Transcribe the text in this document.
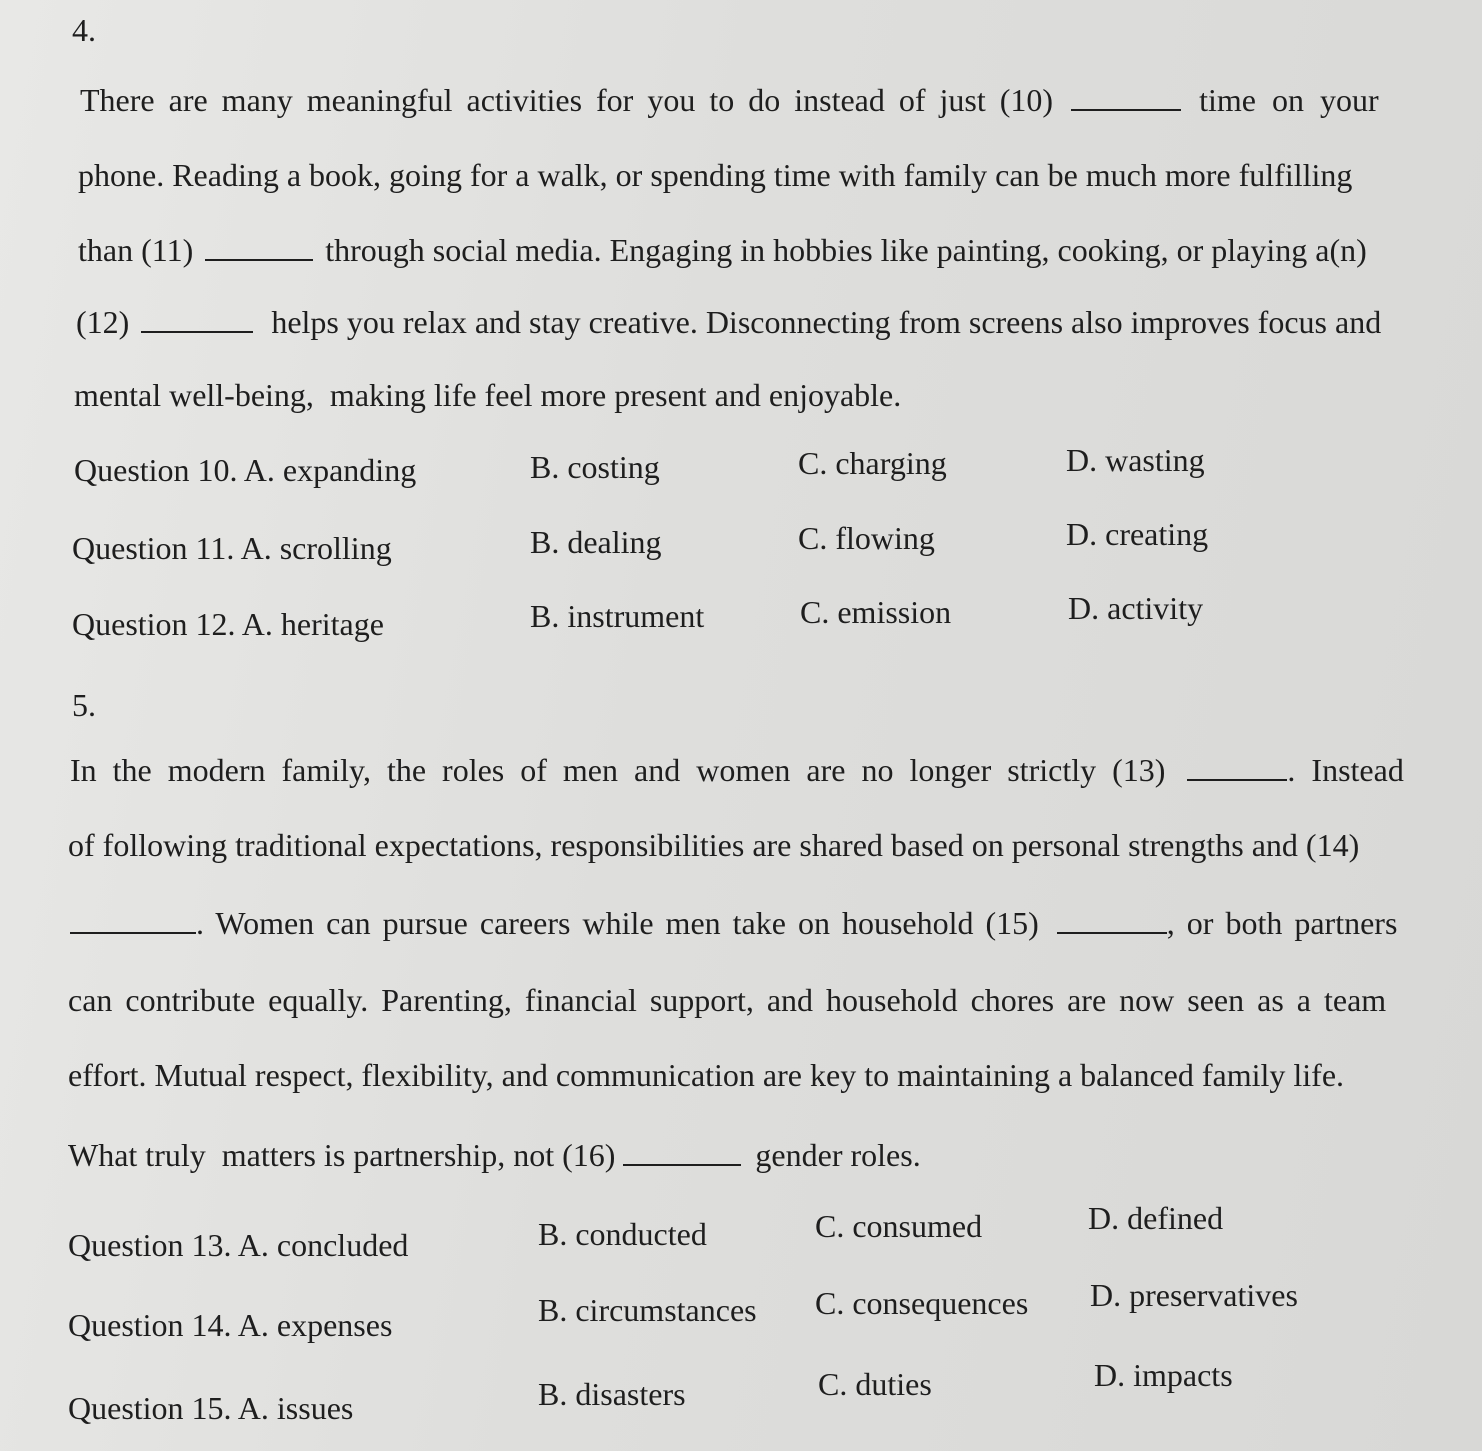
4.
There are many meaningful activities for you to do instead of just (10)	time on your
phone. Reading a book, going for a walk, or spending time with family can be much more fulfilling
than (11)	through social media. Engaging in hobbies like painting, cooking, or playing a(n)
(12)	helps you relax and stay creative. Disconnecting from screens also improves focus and
mental well-being,  making life feel more present and enjoyable.
Question 10. A. expanding	B. costing	C. charging	D. wasting
Question 11. A. scrolling	B. dealing	C. flowing	D. creating
Question 12. A. heritage	B. instrument	C. emission	D. activity
5.
In the modern family, the roles of men and women are no longer strictly (13)	. Instead
of following traditional expectations, responsibilities are shared based on personal strengths and (14)
. Women can pursue careers while men take on household (15)	, or both partners
can contribute equally. Parenting, financial support, and household chores are now seen as a team
effort. Mutual respect, flexibility, and communication are key to maintaining a balanced family life.
What truly  matters is partnership, not (16)	gender roles.
Question 13. A. concluded	B. conducted	C. consumed	D. defined
Question 14. A. expenses	B. circumstances C. consequences D. preservatives
Question 15. A. issues	B. disasters	C. duties	D. impacts
